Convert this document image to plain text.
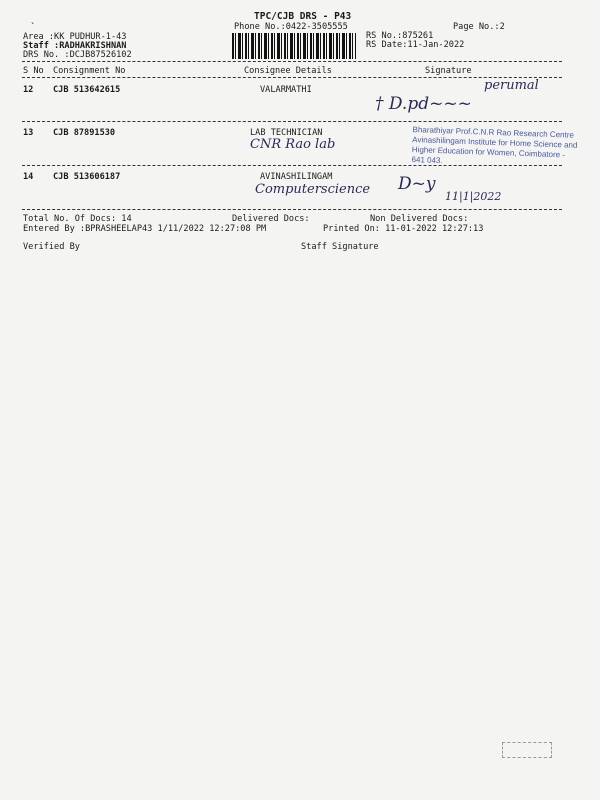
`
TPC/CJB DRS - P43
Phone No.:0422-3505555	Page No.:2
Area :KK PUDHUR-1-43
Staff :RADHAKRISHNAN
DRS No. :DCJB87526102
RS No.:875261
RS Date:11-Jan-2022
S No Consignment No	Consignee Details	Signature
12 CJB 513642615	VALARMATHI	perumal
† D.pd~~~
13 CJB 87891530	LAB TECHNICIAN
CNR Rao lab
Bharathiyar Prof.C.N.R Rao Research Centre Avinashilingam Institute for Home Science and Higher Education for Women, Coimbatore - 641 043.
14 CJB 513606187	AVINASHILINGAM
Computerscience D~y
11|1|2022
Total No. Of Docs: 14	Delivered Docs:	Non Delivered Docs:
Entered By :BPRASHEELAP43 1/11/2022 12:27:08 PM	Printed On: 11-01-2022 12:27:13
Verified By	Staff Signature
